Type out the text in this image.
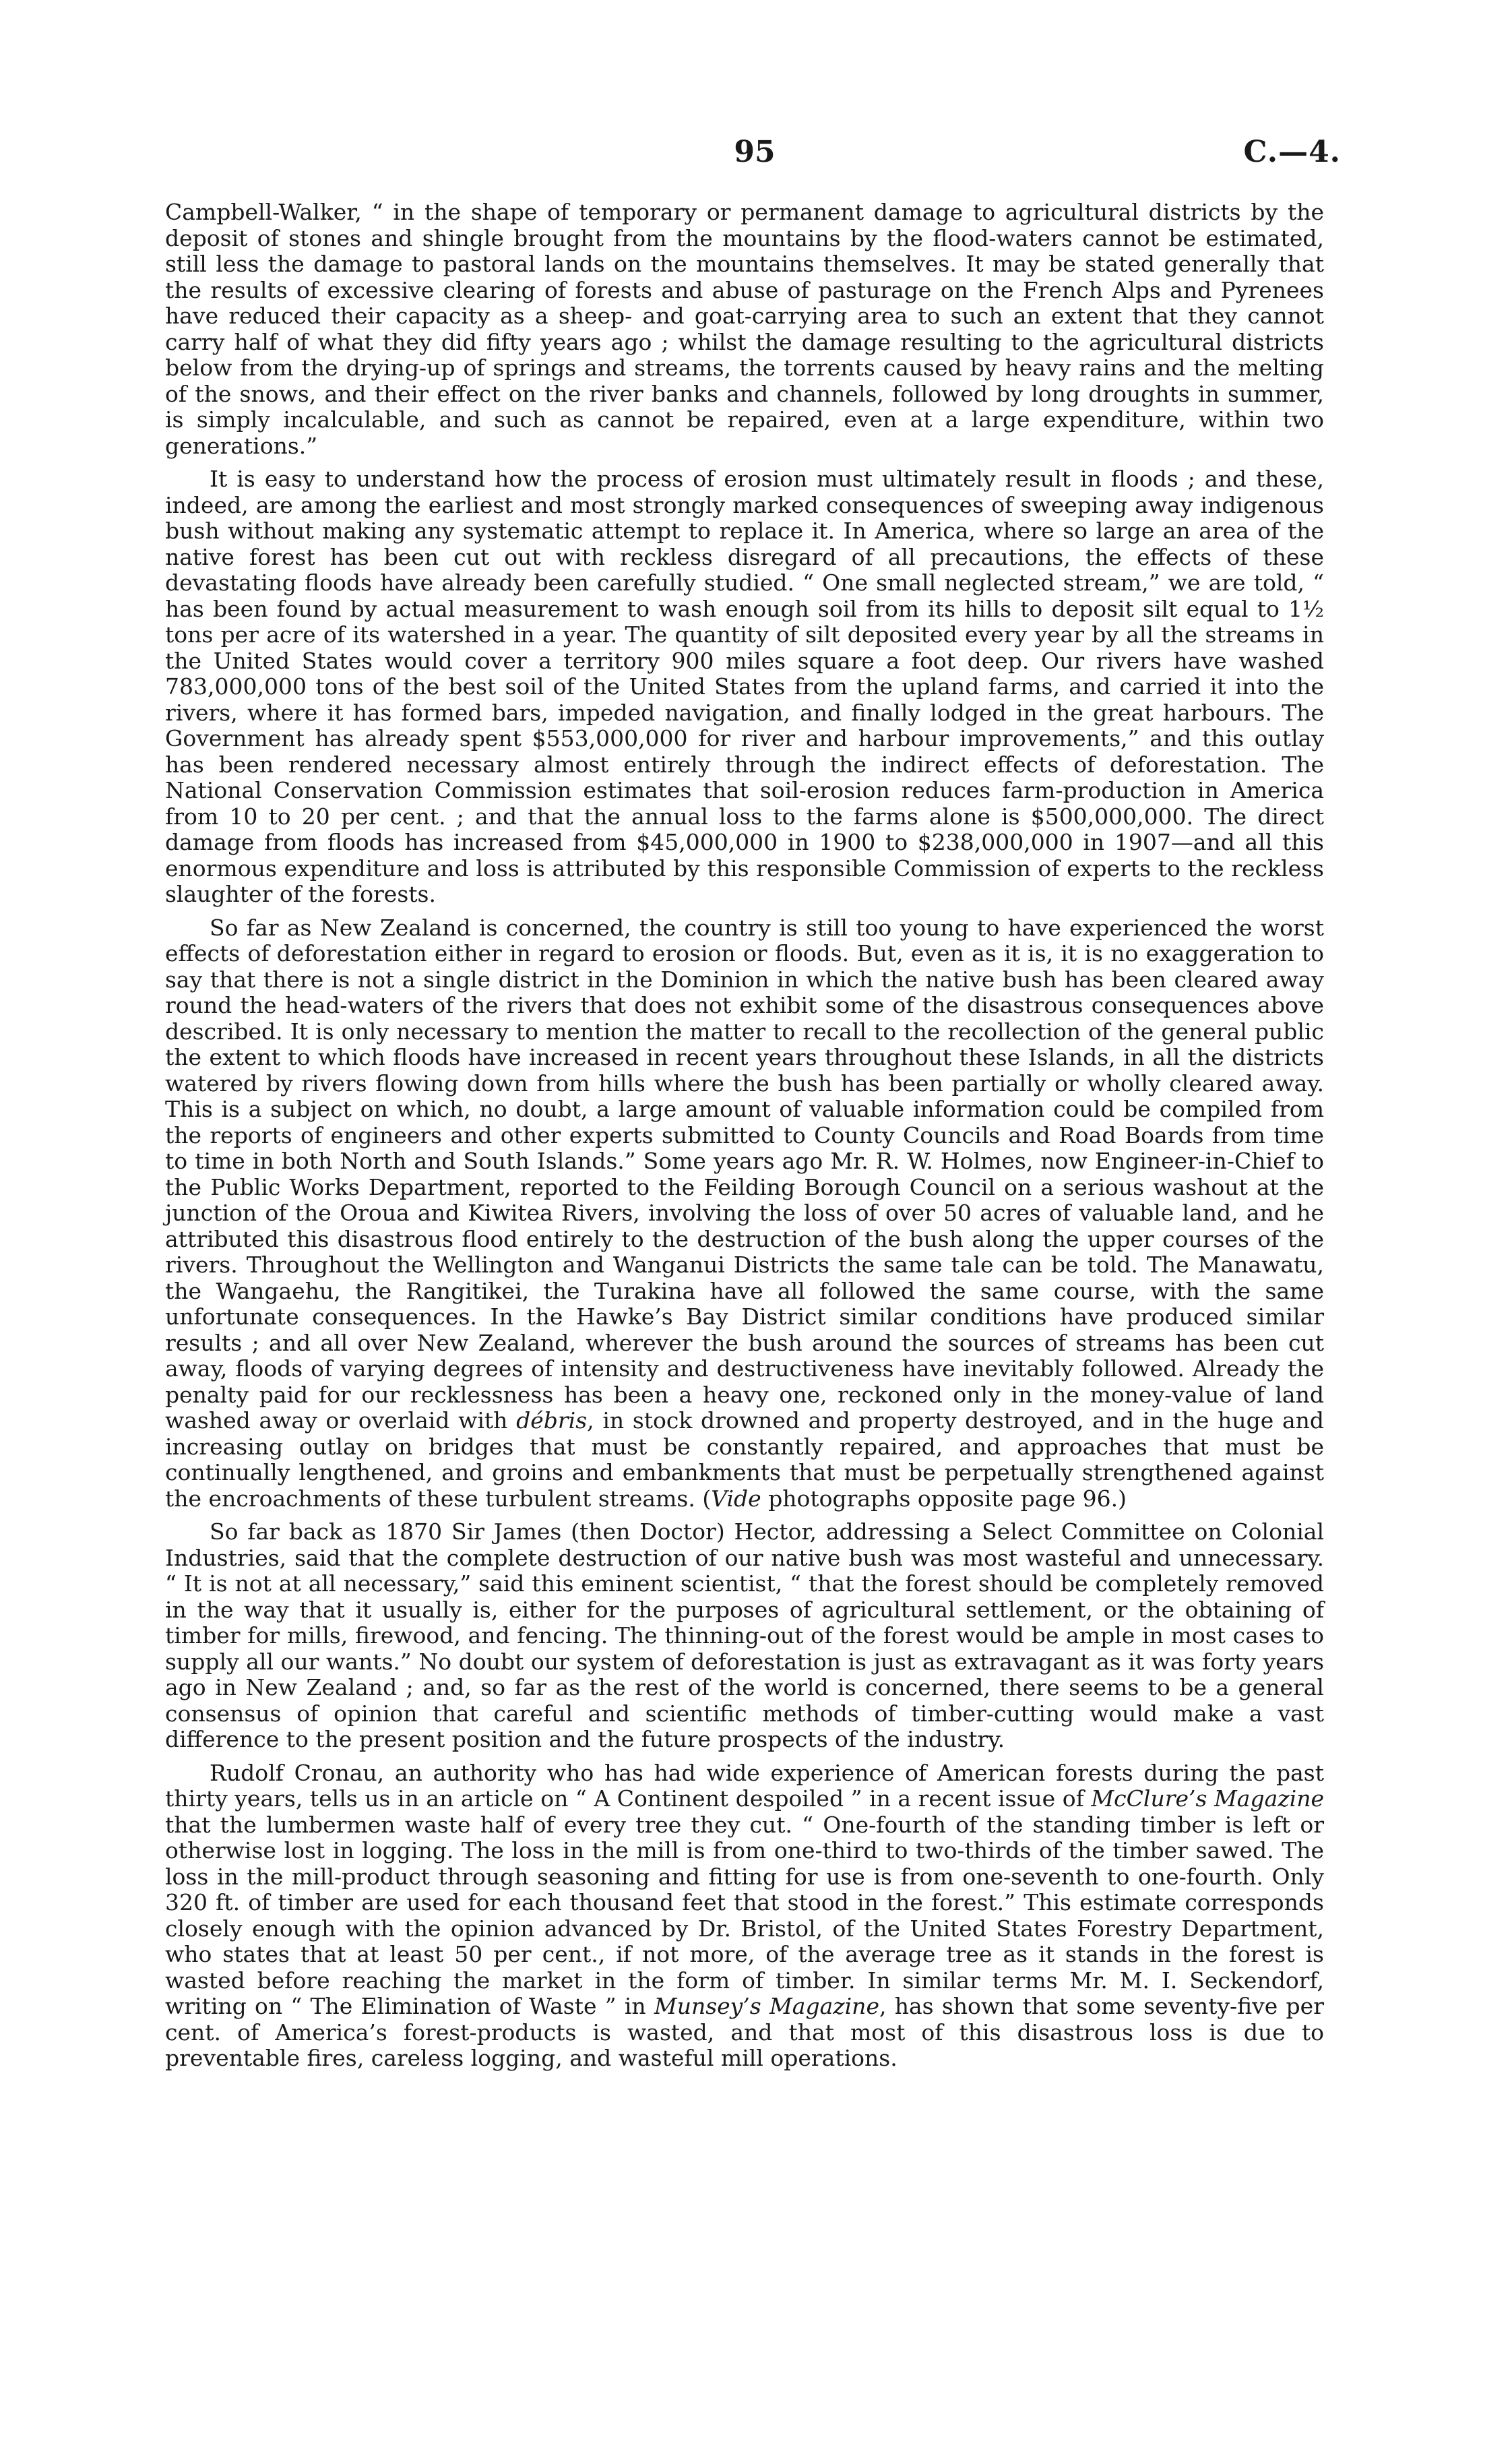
95	C.—4.

Campbell-Walker, “ in the shape of temporary or permanent damage to agricultural districts by the deposit of stones and shingle brought from the mountains by the flood-waters cannot be estimated, still less the damage to pastoral lands on the mountains themselves. It may be stated generally that the results of excessive clearing of forests and abuse of pasturage on the French Alps and Pyrenees have reduced their capacity as a sheep- and goat-carrying area to such an extent that they cannot carry half of what they did fifty years ago ; whilst the damage resulting to the agricultural districts below from the drying-up of springs and streams, the torrents caused by heavy rains and the melting of the snows, and their effect on the river banks and channels, followed by long droughts in summer, is simply incalculable, and such as cannot be repaired, even at a large expenditure, within two generations.”

It is easy to understand how the process of erosion must ultimately result in floods ; and these, indeed, are among the earliest and most strongly marked consequences of sweeping away indigenous bush without making any systematic attempt to replace it. In America, where so large an area of the native forest has been cut out with reckless disregard of all precautions, the effects of these devastating floods have already been carefully studied. “ One small neglected stream,” we are told, “ has been found by actual measurement to wash enough soil from its hills to deposit silt equal to 1½ tons per acre of its watershed in a year. The quantity of silt deposited every year by all the streams in the United States would cover a territory 900 miles square a foot deep. Our rivers have washed 783,000,000 tons of the best soil of the United States from the upland farms, and carried it into the rivers, where it has formed bars, impeded navigation, and finally lodged in the great harbours. The Government has already spent $553,000,000 for river and harbour improvements,” and this outlay has been rendered necessary almost entirely through the indirect effects of deforestation. The National Conservation Commission estimates that soil-erosion reduces farm-production in America from 10 to 20 per cent. ; and that the annual loss to the farms alone is $500,000,000. The direct damage from floods has increased from $45,000,000 in 1900 to $238,000,000 in 1907—and all this enormous expenditure and loss is attributed by this responsible Commission of experts to the reckless slaughter of the forests.

So far as New Zealand is concerned, the country is still too young to have experienced the worst effects of deforestation either in regard to erosion or floods. But, even as it is, it is no exaggeration to say that there is not a single district in the Dominion in which the native bush has been cleared away round the head-waters of the rivers that does not exhibit some of the disastrous consequences above described. It is only necessary to mention the matter to recall to the recollection of the general public the extent to which floods have increased in recent years throughout these Islands, in all the districts watered by rivers flowing down from hills where the bush has been partially or wholly cleared away. This is a subject on which, no doubt, a large amount of valuable information could be compiled from the reports of engineers and other experts submitted to County Councils and Road Boards from time to time in both North and South Islands.” Some years ago Mr. R. W. Holmes, now Engineer-in-Chief to the Public Works Department, reported to the Feilding Borough Council on a serious washout at the junction of the Oroua and Kiwitea Rivers, involving the loss of over 50 acres of valuable land, and he attributed this disastrous flood entirely to the destruction of the bush along the upper courses of the rivers. Throughout the Wellington and Wanganui Districts the same tale can be told. The Manawatu, the Wangaehu, the Rangitikei, the Turakina have all followed the same course, with the same unfortunate consequences. In the Hawke’s Bay District similar conditions have produced similar results ; and all over New Zealand, wherever the bush around the sources of streams has been cut away, floods of varying degrees of intensity and destructiveness have inevitably followed. Already the penalty paid for our recklessness has been a heavy one, reckoned only in the money-value of land washed away or overlaid with débris, in stock drowned and property destroyed, and in the huge and increasing outlay on bridges that must be constantly repaired, and approaches that must be continually lengthened, and groins and embankments that must be perpetually strengthened against the encroachments of these turbulent streams. (Vide photographs opposite page 96.)

So far back as 1870 Sir James (then Doctor) Hector, addressing a Select Committee on Colonial Industries, said that the complete destruction of our native bush was most wasteful and unnecessary. “ It is not at all necessary,” said this eminent scientist, “ that the forest should be completely removed in the way that it usually is, either for the purposes of agricultural settlement, or the obtaining of timber for mills, firewood, and fencing. The thinning-out of the forest would be ample in most cases to supply all our wants.” No doubt our system of deforestation is just as extravagant as it was forty years ago in New Zealand ; and, so far as the rest of the world is concerned, there seems to be a general consensus of opinion that careful and scientific methods of timber-cutting would make a vast difference to the present position and the future prospects of the industry.

Rudolf Cronau, an authority who has had wide experience of American forests during the past thirty years, tells us in an article on “ A Continent despoiled ” in a recent issue of McClure’s Magazine that the lumbermen waste half of every tree they cut. “ One-fourth of the standing timber is left or otherwise lost in logging. The loss in the mill is from one-third to two-thirds of the timber sawed. The loss in the mill-product through seasoning and fitting for use is from one-seventh to one-fourth. Only 320 ft. of timber are used for each thousand feet that stood in the forest.” This estimate corresponds closely enough with the opinion advanced by Dr. Bristol, of the United States Forestry Department, who states that at least 50 per cent., if not more, of the average tree as it stands in the forest is wasted before reaching the market in the form of timber. In similar terms Mr. M. I. Seckendorf, writing on “ The Elimination of Waste ” in Munsey’s Magazine, has shown that some seventy-five per cent. of America’s forest-products is wasted, and that most of this disastrous loss is due to preventable fires, careless logging, and wasteful mill operations.
